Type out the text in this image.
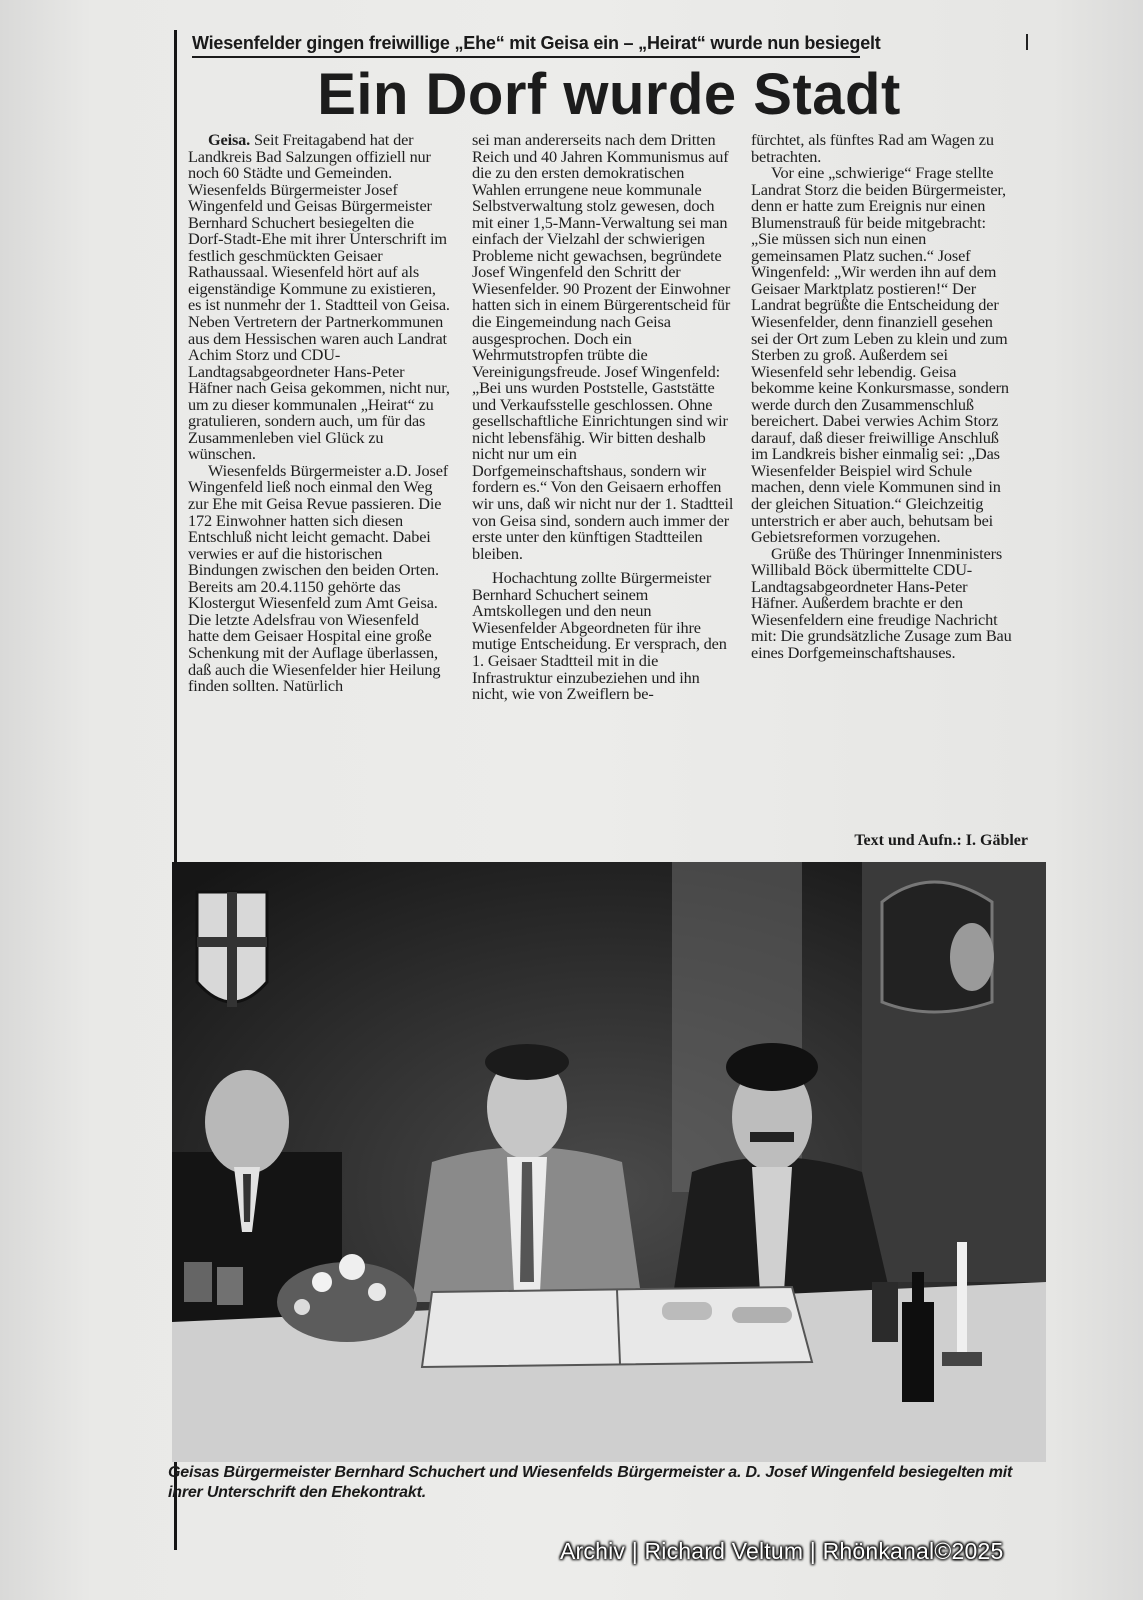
Wiesenfelder gingen freiwillige „Ehe“ mit Geisa ein – „Heirat“ wurde nun besiegelt
Ein Dorf wurde Stadt

Geisa. Seit Freitagabend hat der Landkreis Bad Salzungen offiziell nur noch 60 Städte und Gemeinden. Wiesenfelds Bürgermeister Josef Wingenfeld und Geisas Bürgermeister Bernhard Schuchert besiegelten die Dorf-Stadt-Ehe mit ihrer Unterschrift im festlich geschmückten Geisaer Rathaussaal. Wiesenfeld hört auf als eigenständige Kommune zu existieren, es ist nunmehr der 1. Stadtteil von Geisa. Neben Vertretern der Partnerkommunen aus dem Hessischen waren auch Landrat Achim Storz und CDU-Landtagsabgeordneter Hans-Peter Häfner nach Geisa gekommen, nicht nur, um zu dieser kommunalen „Heirat“ zu gratulieren, sondern auch, um für das Zusammenleben viel Glück zu wünschen.

Wiesenfelds Bürgermeister a.D. Josef Wingenfeld ließ noch einmal den Weg zur Ehe mit Geisa Revue passieren. Die 172 Einwohner hatten sich diesen Entschluß nicht leicht gemacht. Dabei verwies er auf die historischen Bindungen zwischen den beiden Orten. Bereits am 20.4.1150 gehörte das Klostergut Wiesenfeld zum Amt Geisa. Die letzte Adelsfrau von Wiesenfeld hatte dem Geisaer Hospital eine große Schenkung mit der Auflage überlassen, daß auch die Wiesenfelder hier Heilung finden sollten. Natürlich

sei man andererseits nach dem Dritten Reich und 40 Jahren Kommunismus auf die zu den ersten demokratischen Wahlen errungene neue kommunale Selbstverwaltung stolz gewesen, doch mit einer 1,5-Mann-Verwaltung sei man einfach der Vielzahl der schwierigen Probleme nicht gewachsen, begründete Josef Wingenfeld den Schritt der Wiesenfelder. 90 Prozent der Einwohner hatten sich in einem Bürgerentscheid für die Eingemeindung nach Geisa ausgesprochen. Doch ein Wehrmutstropfen trübte die Vereinigungsfreude. Josef Wingenfeld: „Bei uns wurden Poststelle, Gaststätte und Verkaufsstelle geschlossen. Ohne gesellschaftliche Einrichtungen sind wir nicht lebensfähig. Wir bitten deshalb nicht nur um ein Dorfgemeinschaftshaus, sondern wir fordern es.“ Von den Geisaern erhoffen wir uns, daß wir nicht nur der 1. Stadtteil von Geisa sind, sondern auch immer der erste unter den künftigen Stadtteilen bleiben.

Hochachtung zollte Bürgermeister Bernhard Schuchert seinem Amtskollegen und den neun Wiesenfelder Abgeordneten für ihre mutige Entscheidung. Er versprach, den 1. Geisaer Stadtteil mit in die Infrastruktur einzubeziehen und ihn nicht, wie von Zweiflern be-

fürchtet, als fünftes Rad am Wagen zu betrachten.

Vor eine „schwierige“ Frage stellte Landrat Storz die beiden Bürgermeister, denn er hatte zum Ereignis nur einen Blumenstrauß für beide mitgebracht: „Sie müssen sich nun einen gemeinsamen Platz suchen.“ Josef Wingenfeld: „Wir werden ihn auf dem Geisaer Marktplatz postieren!“ Der Landrat begrüßte die Entscheidung der Wiesenfelder, denn finanziell gesehen sei der Ort zum Leben zu klein und zum Sterben zu groß. Außerdem sei Wiesenfeld sehr lebendig. Geisa bekomme keine Konkursmasse, sondern werde durch den Zusammenschluß bereichert. Dabei verwies Achim Storz darauf, daß dieser freiwillige Anschluß im Landkreis bisher einmalig sei: „Das Wiesenfelder Beispiel wird Schule machen, denn viele Kommunen sind in der gleichen Situation.“ Gleichzeitig unterstrich er aber auch, behutsam bei Gebietsreformen vorzugehen.

Grüße des Thüringer Innenministers Willibald Böck übermittelte CDU-Landtagsabgeordneter Hans-Peter Häfner. Außerdem brachte er den Wiesenfeldern eine freudige Nachricht mit: Die grundsätzliche Zusage zum Bau eines Dorfgemeinschaftshauses.

Text und Aufn.: I. Gäbler
Geisas Bürgermeister Bernhard Schuchert und Wiesenfelds Bürgermeister a. D. Josef Wingenfeld besiegelten mit ihrer Unterschrift den Ehekontrakt.
Archiv | Richard Veltum | Rhönkanal©2025
